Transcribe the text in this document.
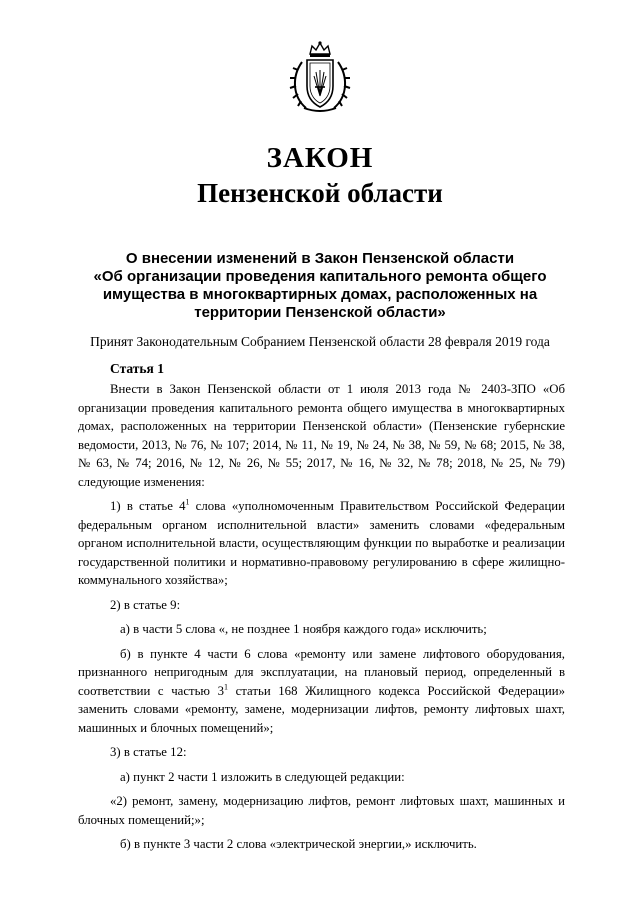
ЗАКОН
Пензенской области
О внесении изменений в Закон Пензенской области
«Об организации проведения капитального ремонта общего
имущества в многоквартирных домах, расположенных на
территории Пензенской области»
Принят Законодательным Собранием Пензенской области 28 февраля 2019 года
Статья 1

Внести в Закон Пензенской области от 1 июля 2013 года № 2403-ЗПО «Об организации проведения капитального ремонта общего имущества в многоквартирных домах, расположенных на территории Пензенской области» (Пензенские губернские ведомости, 2013, № 76, № 107; 2014, № 11, № 19, № 24, № 38, № 59, № 68; 2015, № 38, № 63, № 74; 2016, № 12, № 26, № 55; 2017, № 16, № 32, № 78; 2018, № 25, № 79) следующие изменения:

1) в статье $4^1$ слова «уполномоченным Правительством Российской Федерации федеральным органом исполнительной власти» заменить словами «федеральным органом исполнительной власти, осуществляющим функции по выработке и реализации государственной политики и нормативно-правовому регулированию в сфере жилищно-коммунального хозяйства»;

2) в статье 9:

а) в части 5 слова «, не позднее 1 ноября каждого года» исключить;

б) в пункте 4 части 6 слова «ремонту или замене лифтового оборудования, признанного непригодным для эксплуатации, на плановый период, определенный в соответствии с частью $3^1$ статьи 168 Жилищного кодекса Российской Федерации» заменить словами «ремонту, замене, модернизации лифтов, ремонту лифтовых шахт, машинных и блочных помещений»;

3) в статье 12:

а) пункт 2 части 1 изложить в следующей редакции:

«2) ремонт, замену, модернизацию лифтов, ремонт лифтовых шахт, машинных и блочных помещений;»;

б) в пункте 3 части 2 слова «электрической энергии,» исключить.
